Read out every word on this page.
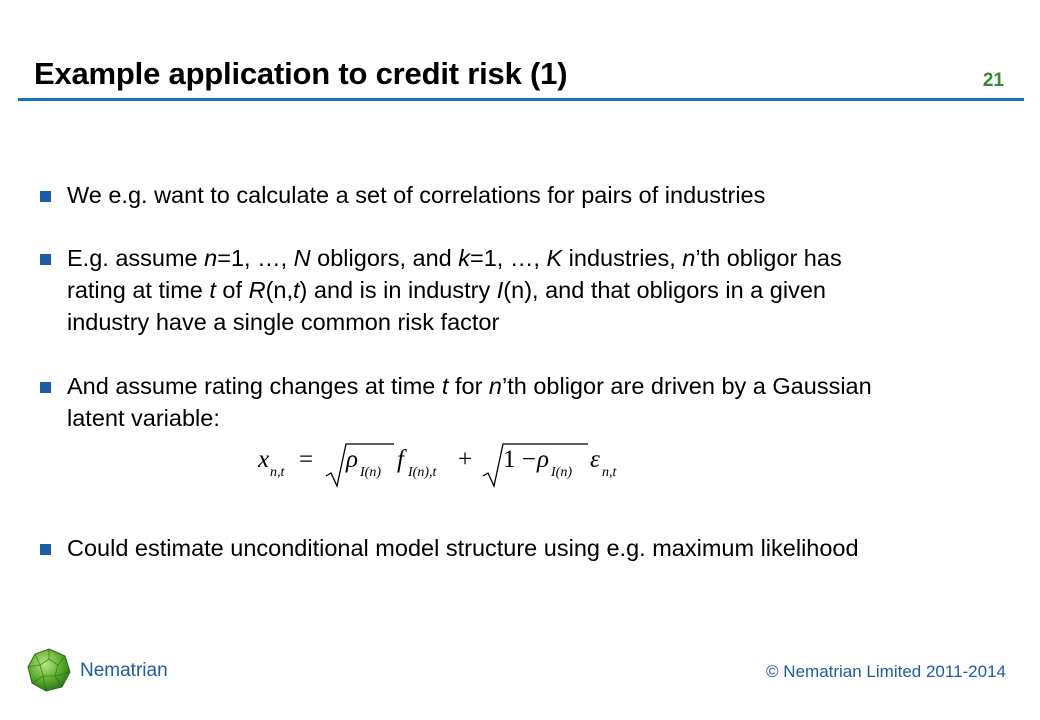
Example application to credit risk (1)	21
We e.g. want to calculate a set of correlations for pairs of industries
E.g. assume n=1, …, N obligors, and k=1, …, K industries, n’th obligor has
rating at time t of R(n,t) and is in industry I(n), and that obligors in a given
industry have a single common risk factor
And assume rating changes at time t for n’th obligor are driven by a Gaussian
latent variable:
Could estimate unconditional model structure using e.g. maximum likelihood
x n,t = ρ I(n) f I(n),t + 1 − ρ I(n) ε n,t
Nematrian	© Nematrian Limited 2011-2014
